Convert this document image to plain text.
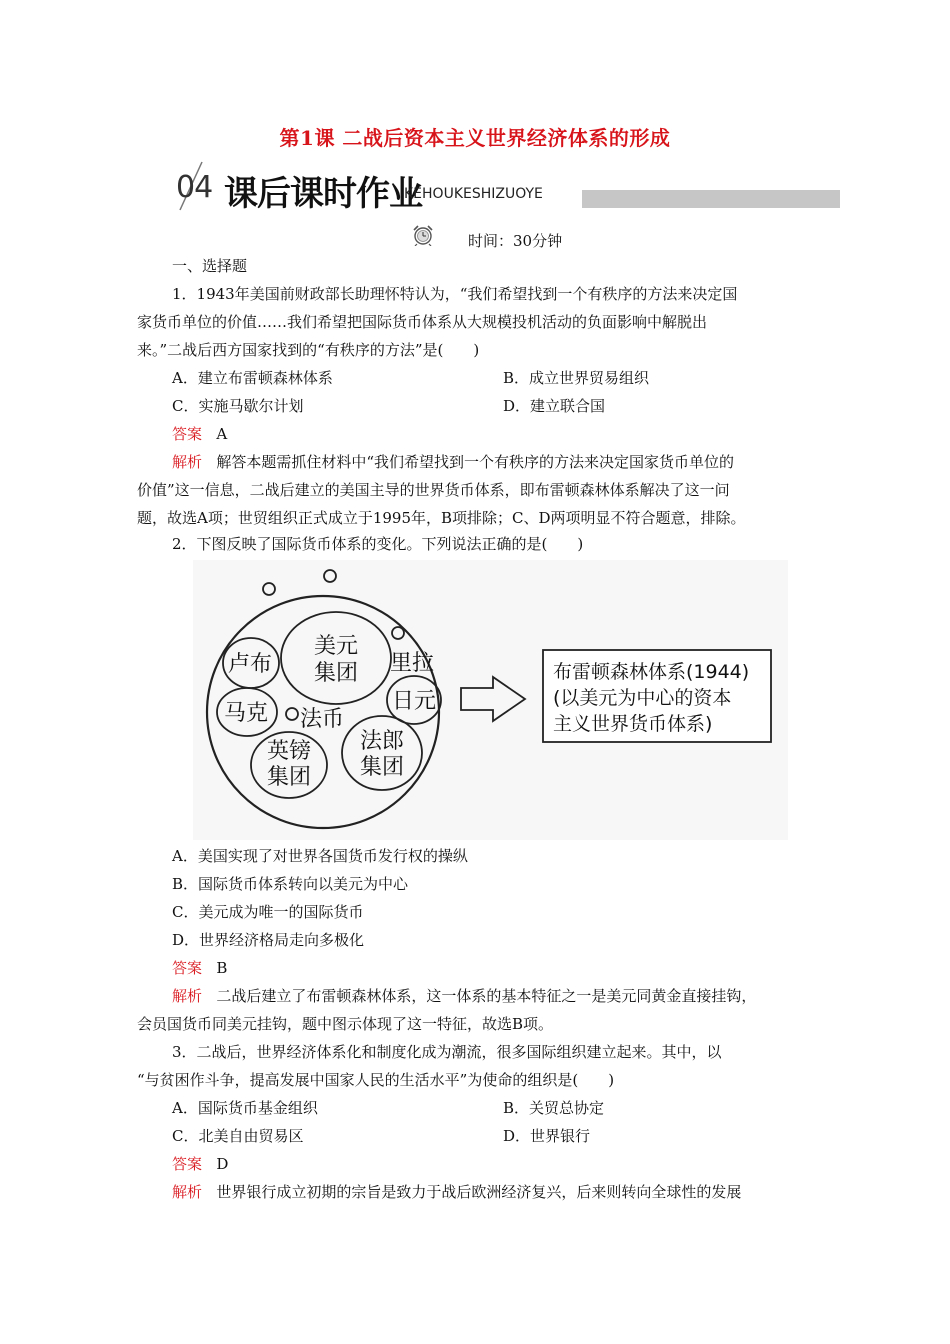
第1课 二战后资本主义世界经济体系的形成
04 课后课时作业
KEHOUKESHIZUOYE
时间：30分钟
一、选择题
1．1943年美国前财政部长助理怀特认为，“我们希望找到一个有秩序的方法来决定国
家货币单位的价值……我们希望把国际货币体系从大规模投机活动的负面影响中解脱出
来。”二战后西方国家找到的“有秩序的方法”是(　　)
A．建立布雷顿森林体系	B．成立世界贸易组织
C．实施马歇尔计划	D．建立联合国
答案 A
解析 解答本题需抓住材料中“我们希望找到一个有秩序的方法来决定国家货币单位的
价值”这一信息，二战后建立的美国主导的世界货币体系，即布雷顿森林体系解决了这一问
题，故选A项；世贸组织正式成立于1995年，B项排除；C、D两项明显不符合题意，排除。
2．下图反映了国际货币体系的变化。下列说法正确的是(　　)
美元
集团
卢布	里拉
日元
马克 法币
英镑
集团
法郎
集团
布雷顿森林体系(1944)
(以美元为中心的资本
主义世界货币体系)
A．美国实现了对世界各国货币发行权的操纵
B．国际货币体系转向以美元为中心
C．美元成为唯一的国际货币
D．世界经济格局走向多极化
答案 B
解析 二战后建立了布雷顿森林体系，这一体系的基本特征之一是美元同黄金直接挂钩，
会员国货币同美元挂钩，题中图示体现了这一特征，故选B项。
3．二战后，世界经济体系化和制度化成为潮流，很多国际组织建立起来。其中，以
“与贫困作斗争，提高发展中国家人民的生活水平”为使命的组织是(　　)
A．国际货币基金组织	B．关贸总协定
C．北美自由贸易区	D．世界银行
答案 D
解析 世界银行成立初期的宗旨是致力于战后欧洲经济复兴，后来则转向全球性的发展
